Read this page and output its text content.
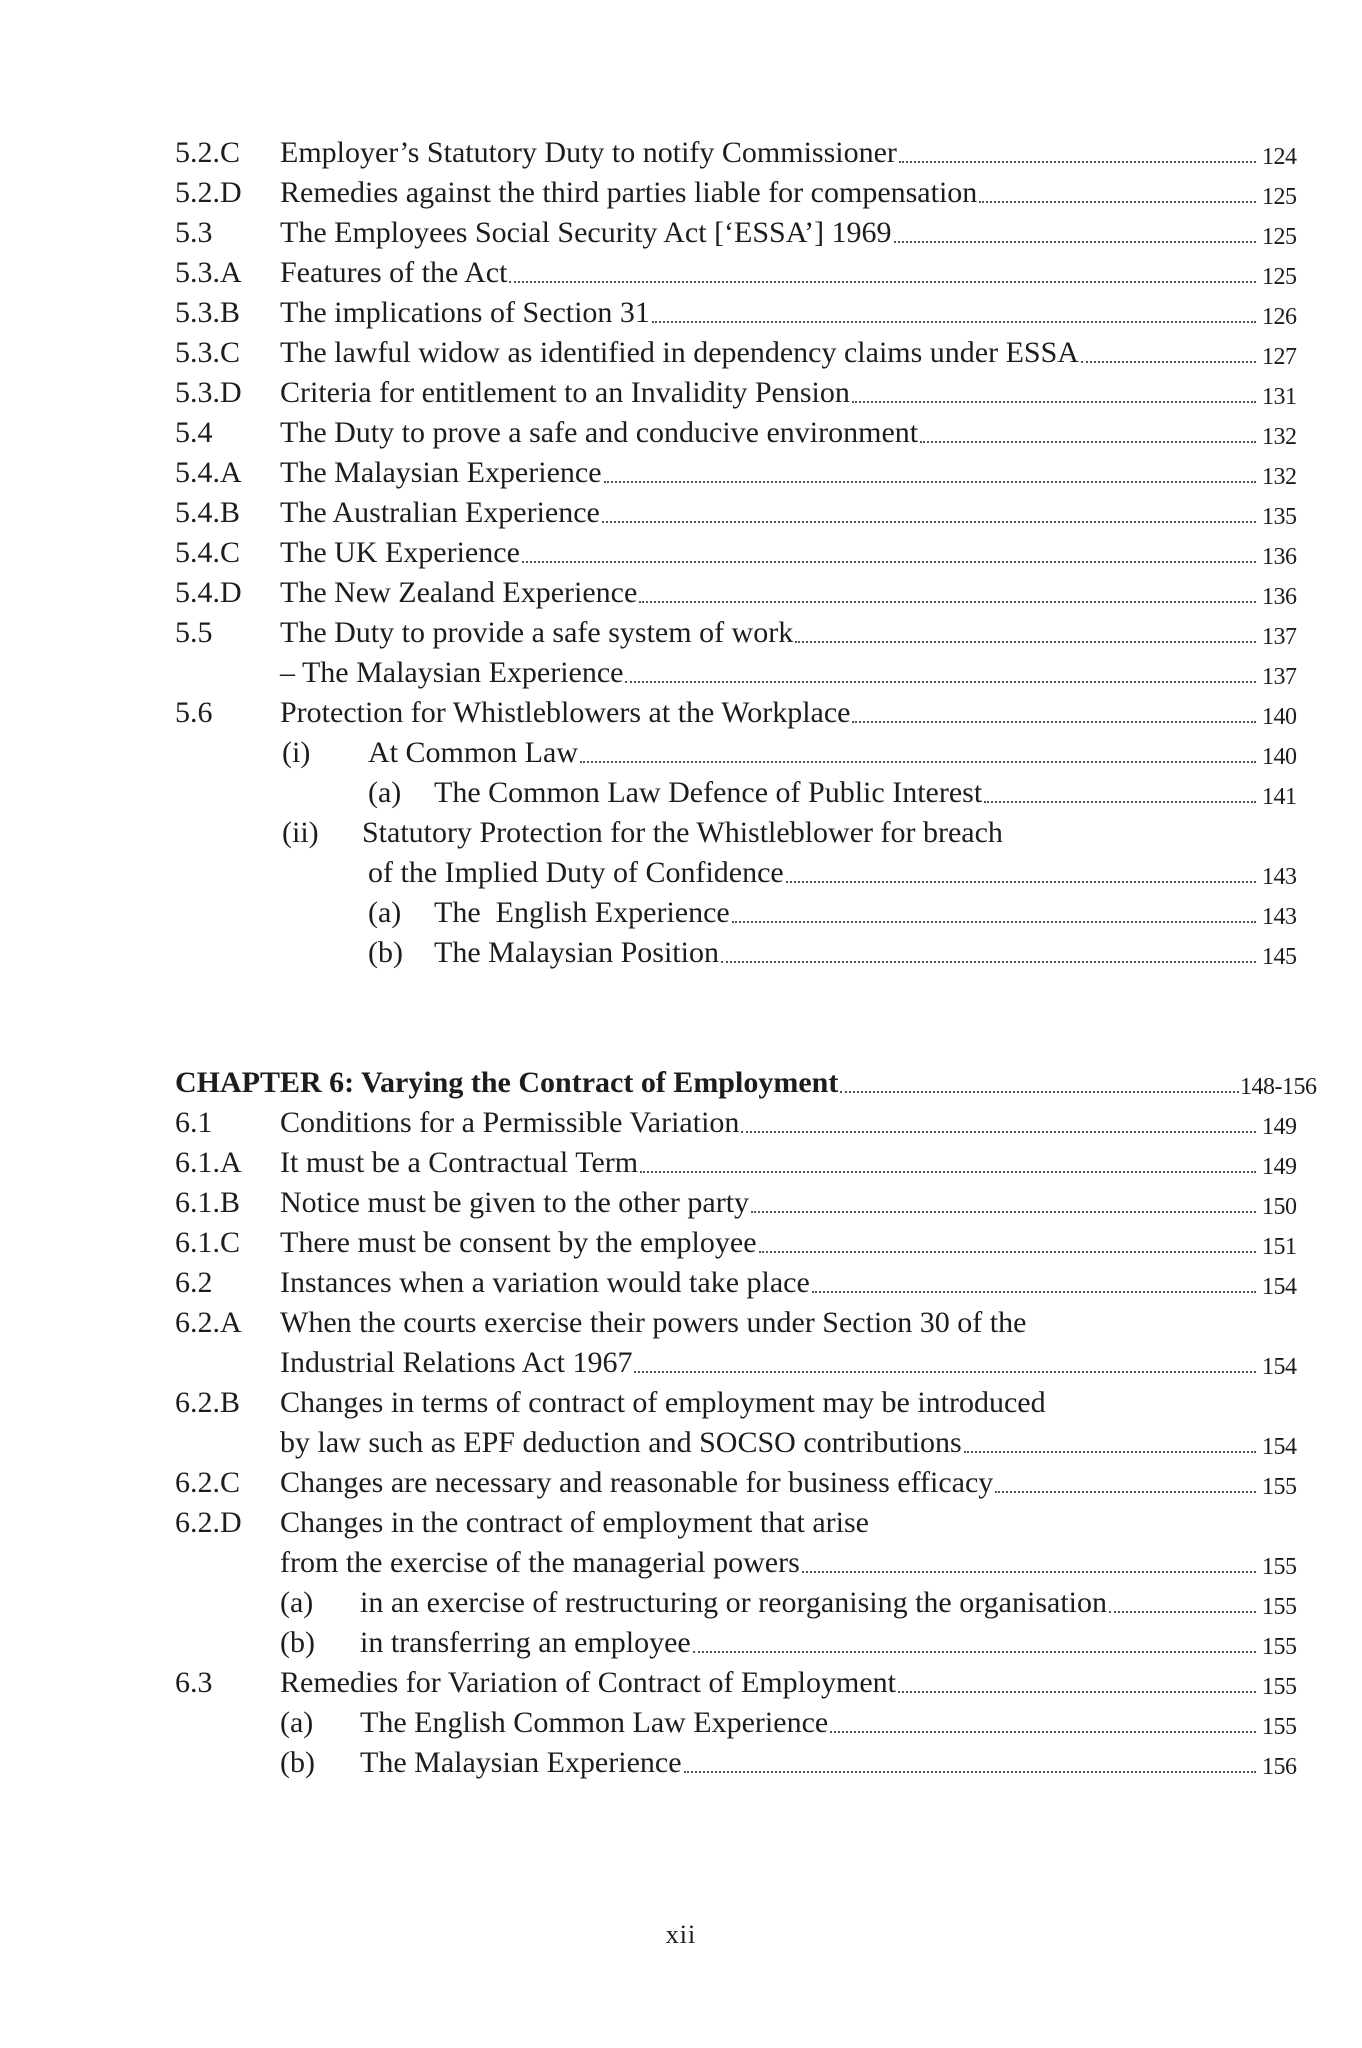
5.2.C Employer’s Statutory Duty to notify Commissioner	124
5.2.D Remedies against the third parties liable for compensation	125
5.3 The Employees Social Security Act [‘ESSA’] 1969	125
5.3.A Features of the Act	125
5.3.B The implications of Section 31	126
5.3.C The lawful widow as identified in dependency claims under ESSA	127
5.3.D Criteria for entitlement to an Invalidity Pension	131
5.4 The Duty to prove a safe and conducive environment	132
5.4.A The Malaysian Experience	132
5.4.B The Australian Experience	135
5.4.C The UK Experience	136
5.4.D The New Zealand Experience	136
5.5 The Duty to provide a safe system of work	137
– The Malaysian Experience	137
5.6 Protection for Whistleblowers at the Workplace	140
(i) At Common Law	140
(a) The Common Law Defence of Public Interest	141
(ii) Statutory Protection for the Whistleblower for breach
of the Implied Duty of Confidence	143
(a) The  English Experience	143
(b) The Malaysian Position	145
CHAPTER 6: Varying the Contract of Employment	148-156
6.1 Conditions for a Permissible Variation	149
6.1.A It must be a Contractual Term	149
6.1.B Notice must be given to the other party	150
6.1.C There must be consent by the employee	151
6.2 Instances when a variation would take place	154
6.2.A When the courts exercise their powers under Section 30 of the
Industrial Relations Act 1967	154
6.2.B Changes in terms of contract of employment may be introduced
by law such as EPF deduction and SOCSO contributions	154
6.2.C Changes are necessary and reasonable for business efficacy	155
6.2.D Changes in the contract of employment that arise
from the exercise of the managerial powers	155
(a) in an exercise of restructuring or reorganising the organisation	155
(b) in transferring an employee	155
6.3 Remedies for Variation of Contract of Employment	155
(a) The English Common Law Experience	155
(b) The Malaysian Experience	156
xii
